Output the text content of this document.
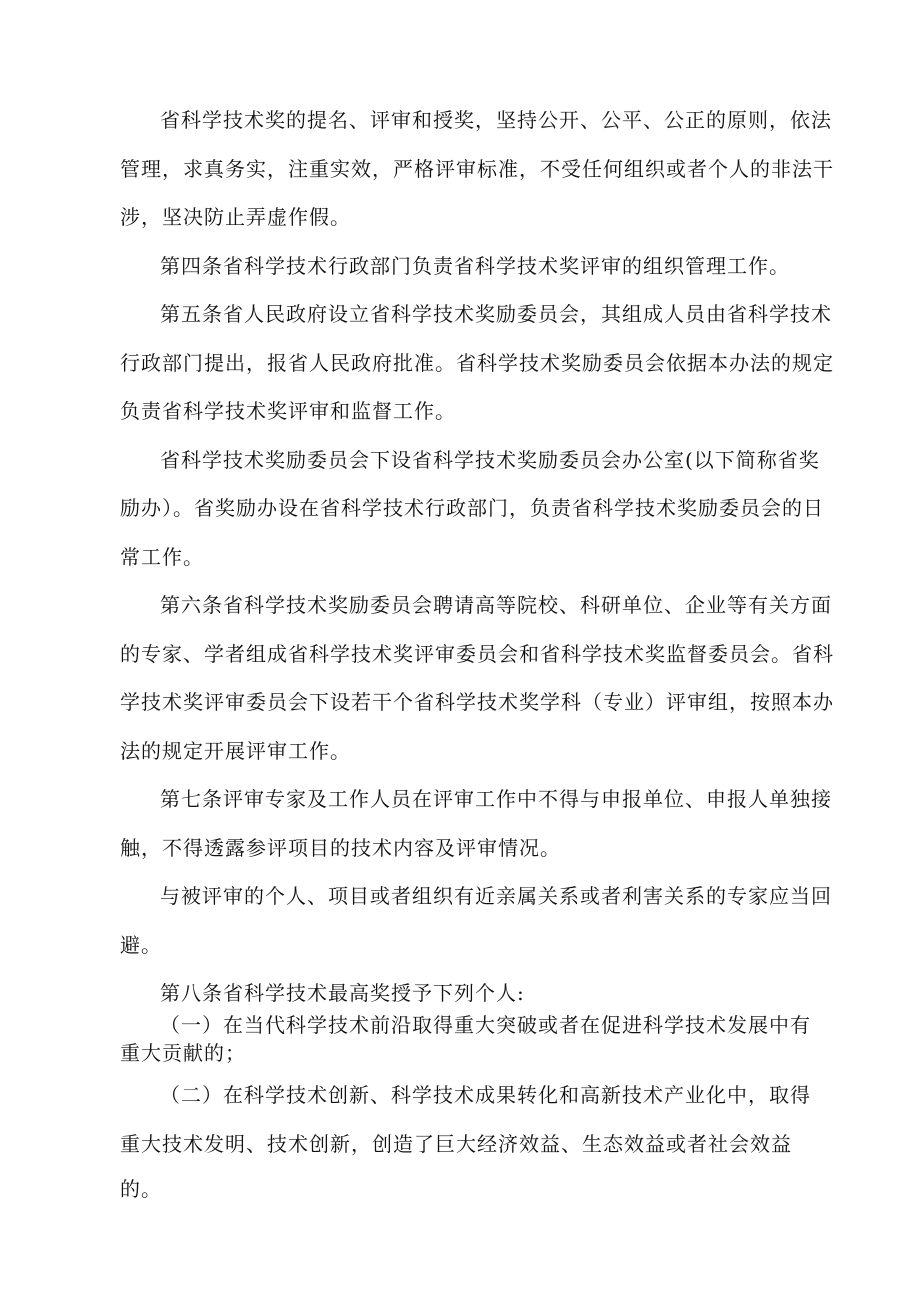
省科学技术奖的提名、评审和授奖，坚持公开、公平、公正的原则，依法
管理，求真务实，注重实效，严格评审标准，不受任何组织或者个人的非法干
涉，坚决防止弄虚作假。
第四条省科学技术行政部门负责省科学技术奖评审的组织管理工作。
第五条省人民政府设立省科学技术奖励委员会，其组成人员由省科学技术
行政部门提出，报省人民政府批准。省科学技术奖励委员会依据本办法的规定
负责省科学技术奖评审和监督工作。
省科学技术奖励委员会下设省科学技术奖励委员会办公室(以下简称省奖
励办）。省奖励办设在省科学技术行政部门，负责省科学技术奖励委员会的日
常工作。
第六条省科学技术奖励委员会聘请高等院校、科研单位、企业等有关方面
的专家、学者组成省科学技术奖评审委员会和省科学技术奖监督委员会。省科
学技术奖评审委员会下设若干个省科学技术奖学科（专业）评审组，按照本办
法的规定开展评审工作。
第七条评审专家及工作人员在评审工作中不得与申报单位、申报人单独接
触，不得透露参评项目的技术内容及评审情况。
与被评审的个人、项目或者组织有近亲属关系或者利害关系的专家应当回
避。
第八条省科学技术最高奖授予下列个人:
（一）在当代科学技术前沿取得重大突破或者在促进科学技术发展中有
重大贡献的；
（二）在科学技术创新、科学技术成果转化和高新技术产业化中，取得
重大技术发明、技术创新，创造了巨大经济效益、生态效益或者社会效益
的。
